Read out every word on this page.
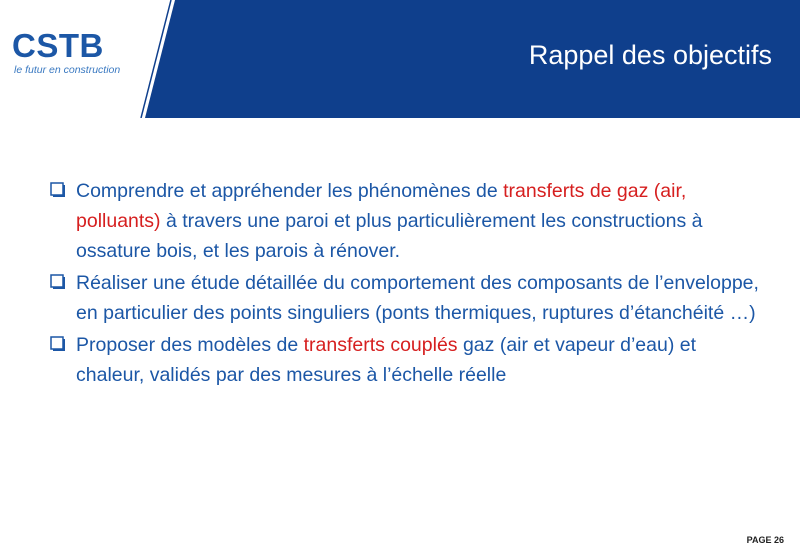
CSTB
le futur en construction	Rappel des objectifs
Comprendre et appréhender les phénomènes de transferts de gaz (air, polluants) à travers une paroi et plus particulièrement les constructions à ossature bois, et les parois à rénover.
Réaliser une étude détaillée du comportement des composants de l’enveloppe, en particulier des points singuliers (ponts thermiques, ruptures d’étanchéité …)
Proposer des modèles de transferts couplés gaz (air et vapeur d’eau) et chaleur, validés par des mesures à l’échelle réelle
PAGE 26
